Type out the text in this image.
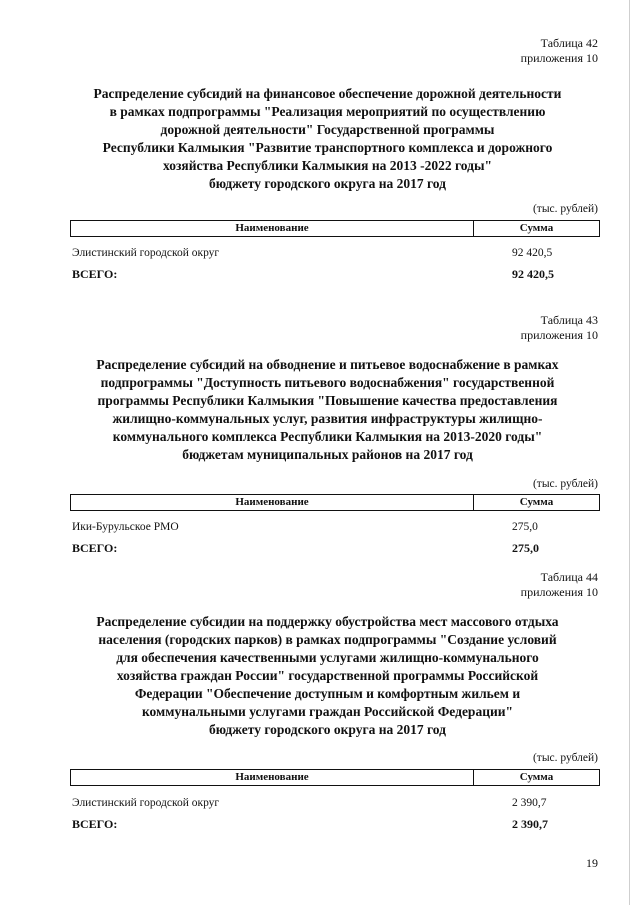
Таблица 42
приложения 10
Распределение субсидий на финансовое обеспечение дорожной деятельности
в рамках подпрограммы "Реализация мероприятий по осуществлению
дорожной деятельности" Государственной программы
Республики Калмыкия "Развитие транспортного комплекса и дорожного
хозяйства Республики Калмыкия на 2013 -2022 годы"
бюджету городского округа на 2017 год
(тыс. рублей)
Наименование	Сумма
Элистинский городской округ	92 420,5
ВСЕГО:	92 420,5
Таблица 43
приложения 10
Распределение субсидий на обводнение и питьевое водоснабжение в рамках
подпрограммы "Доступность питьевого водоснабжения" государственной
программы Республики Калмыкия "Повышение качества предоставления
жилищно-коммунальных услуг, развития инфраструктуры жилищно-
коммунального комплекса Республики Калмыкия на 2013-2020 годы"
бюджетам муниципальных районов на 2017 год
(тыс. рублей)
Наименование	Сумма
Ики-Бурульское РМО	275,0
ВСЕГО:	275,0
Таблица 44
приложения 10
Распределение субсидии на поддержку обустройства мест массового отдыха
населения (городских парков) в рамках подпрограммы "Создание условий
для обеспечения качественными услугами жилищно-коммунального
хозяйства граждан России" государственной программы Российской
Федерации "Обеспечение доступным и комфортным жильем и
коммунальными услугами граждан Российской Федерации"
бюджету городского округа на 2017 год
(тыс. рублей)
Наименование	Сумма
Элистинский городской округ	2 390,7
ВСЕГО:	2 390,7
19
